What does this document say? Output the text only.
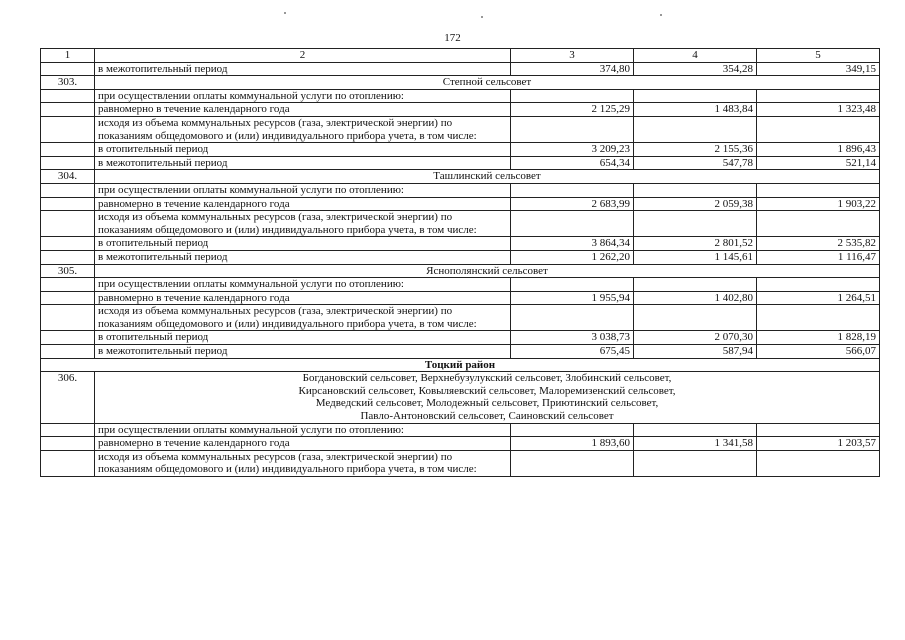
172
1	2	3	4	5
	в межотопительный период	374,80	354,28	349,15
303.	Степной сельсовет			
	при осуществлении оплаты коммунальной услуги по отоплению:			
	равномерно в течение календарного года	2 125,29	1 483,84	1 323,48
	исходя из объема коммунальных ресурсов (газа, электрической энергии) по показаниям общедомового и (или) индивидуального прибора учета, в том числе:			
	в отопительный период	3 209,23	2 155,36	1 896,43
	в межотопительный период	654,34	547,78	521,14
304.	Ташлинский сельсовет			
	при осуществлении оплаты коммунальной услуги по отоплению:			
	равномерно в течение календарного года	2 683,99	2 059,38	1 903,22
	исходя из объема коммунальных ресурсов (газа, электрической энергии) по показаниям общедомового и (или) индивидуального прибора учета, в том числе:			
	в отопительный период	3 864,34	2 801,52	2 535,82
	в межотопительный период	1 262,20	1 145,61	1 116,47
305.	Яснополянский сельсовет			
	при осуществлении оплаты коммунальной услуги по отоплению:			
	равномерно в течение календарного года	1 955,94	1 402,80	1 264,51
	исходя из объема коммунальных ресурсов (газа, электрической энергии) по показаниям общедомового и (или) индивидуального прибора учета, в том числе:			
	в отопительный период	3 038,73	2 070,30	1 828,19
	в межотопительный период	675,45	587,94	566,07
Тоцкий район				
306.	Богдановский сельсовет, Верхнебузулукский сельсовет, Злобинский сельсовет,
Кирсановский сельсовет, Ковыляевский сельсовет, Малоремизенский сельсовет,
Медведский сельсовет, Молодежный сельсовет, Приютинский сельсовет,
Павло-Антоновский сельсовет, Саиновский сельсовет			

	при осуществлении оплаты коммунальной услуги по отоплению:			
	равномерно в течение календарного года	1 893,60	1 341,58	1 203,57
	исходя из объема коммунальных ресурсов (газа, электрической энергии) по показаниям общедомового и (или) индивидуального прибора учета, в том числе:			
